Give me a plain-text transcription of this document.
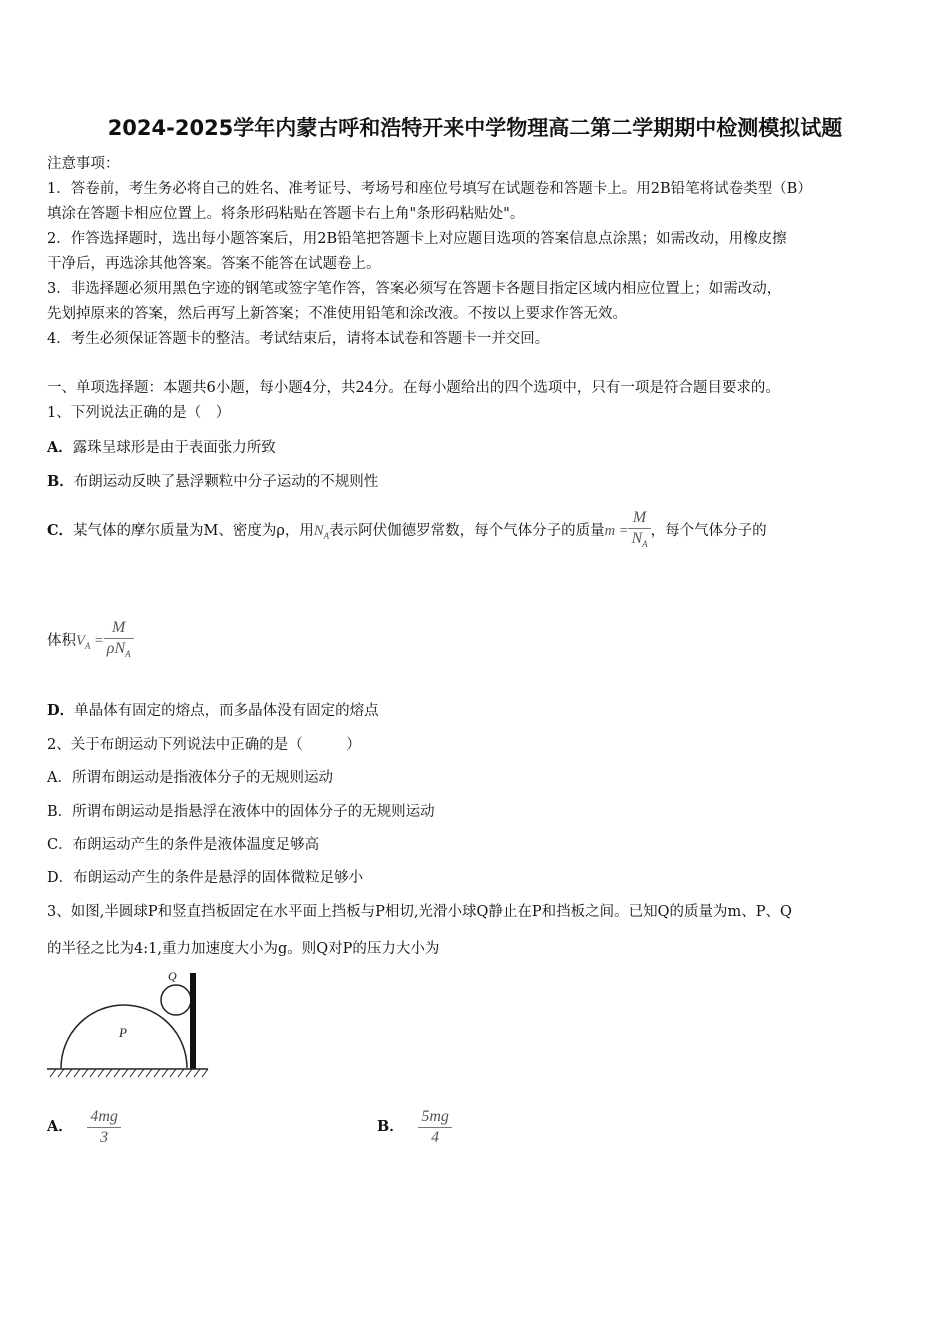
2024-2025学年内蒙古呼和浩特开来中学物理高二第二学期期中检测模拟试题
注意事项：
1．答卷前，考生务必将自己的姓名、准考证号、考场号和座位号填写在试题卷和答题卡上。用2B铅笔将试卷类型（B）
填涂在答题卡相应位置上。将条形码粘贴在答题卡右上角"条形码粘贴处"。
2．作答选择题时，选出每小题答案后，用2B铅笔把答题卡上对应题目选项的答案信息点涂黑；如需改动，用橡皮擦
干净后，再选涂其他答案。答案不能答在试题卷上。
3．非选择题必须用黑色字迹的钢笔或签字笔作答，答案必须写在答题卡各题目指定区域内相应位置上；如需改动，
先划掉原来的答案，然后再写上新答案；不准使用铅笔和涂改液。不按以上要求作答无效。
4．考生必须保证答题卡的整洁。考试结束后，请将本试卷和答题卡一并交回。
一、单项选择题：本题共6小题，每小题4分，共24分。在每小题给出的四个选项中，只有一项是符合题目要求的。
1、下列说法正确的是（　）
A．露珠呈球形是由于表面张力所致
B．布朗运动反映了悬浮颗粒中分子运动的不规则性
C．某气体的摩尔质量为M、密度为ρ，用$N_A$表示阿伏伽德罗常数，每个气体分子的质量$m = \frac{M}{N_A}$ ，每个气体分子的
体积$V_A = \frac{M}{\rho N_A}$
D．单晶体有固定的熔点，而多晶体没有固定的熔点
2、关于布朗运动下列说法中正确的是（　　　）
A．所谓布朗运动是指液体分子的无规则运动
B．所谓布朗运动是指悬浮在液体中的固体分子的无规则运动
C．布朗运动产生的条件是液体温度足够高
D．布朗运动产生的条件是悬浮的固体微粒足够小
3、如图,半圆球P和竖直挡板固定在水平面上挡板与P相切,光滑小球Q静止在P和挡板之间。已知Q的质量为m、P、Q
的半径之比为4:1,重力加速度大小为g。则Q对P的压力大小为
P
Q
A． $\frac{4mg}{3}$	B． $\frac{5mg}{4}$
